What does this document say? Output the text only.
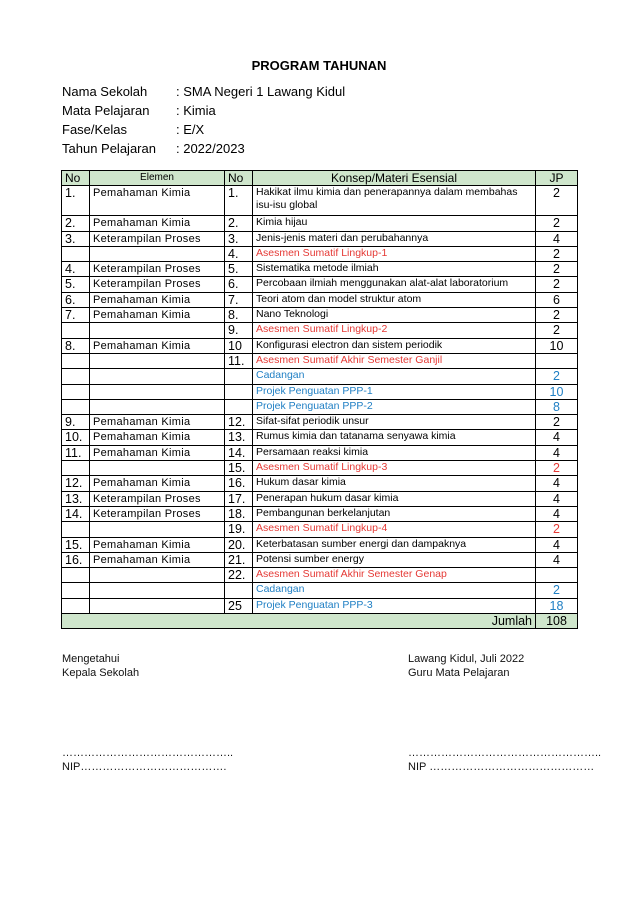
PROGRAM TAHUNAN
Nama Sekolah : SMA Negeri 1 Lawang Kidul
Mata Pelajaran : Kimia
Fase/Kelas	: E/X
Tahun Pelajaran : 2022/2023
No	Elemen	No	Konsep/Materi Esensial	JP
1.	Pemahaman Kimia	1.	Hakikat ilmu kimia dan penerapannya dalam membahas isu-isu global	2
2.	Pemahaman Kimia	2.	Kimia hijau	2
3.	Keterampilan Proses	3.	Jenis-jenis materi dan perubahannya	4
		4.	Asesmen Sumatif Lingkup-1	2
4.	Keterampilan Proses	5.	Sistematika metode ilmiah	2
5.	Keterampilan Proses	6.	Percobaan ilmiah menggunakan alat-alat laboratorium	2
6.	Pemahaman Kimia	7.	Teori atom dan model struktur atom	6
7.	Pemahaman Kimia	8.	Nano Teknologi	2
		9.	Asesmen Sumatif Lingkup-2	2
8.	Pemahaman Kimia	10	Konfigurasi electron dan sistem periodik	10
		11.	Asesmen Sumatif Akhir Semester Ganjil	
			Cadangan	2
			Projek Penguatan PPP-1	10
			Projek Penguatan PPP-2	8
9.	Pemahaman Kimia	12.	Sifat-sifat periodik unsur	2
10.	Pemahaman Kimia	13.	Rumus kimia dan tatanama senyawa kimia	4
11.	Pemahaman Kimia	14.	Persamaan reaksi kimia	4
		15.	Asesmen Sumatif Lingkup-3	2
12.	Pemahaman Kimia	16.	Hukum dasar kimia	4
13.	Keterampilan Proses	17.	Penerapan hukum dasar kimia	4
14.	Keterampilan Proses	18.	Pembangunan berkelanjutan	4
		19.	Asesmen Sumatif Lingkup-4	2
15.	Pemahaman Kimia	20.	Keterbatasan sumber energi dan dampaknya	4
16.	Pemahaman Kimia	21.	Potensi sumber energy	4
		22.	Asesmen Sumatif Akhir Semester Genap	
			Cadangan	2
		25	Projek Penguatan PPP-3	18
Jumlah				108
Mengetahui
Kepala Sekolah
………………………………………..
NIP………………………………….
Lawang Kidul, Juli 2022
Guru Mata Pelajaran
……………………………………………..
NIP ………………………………………
